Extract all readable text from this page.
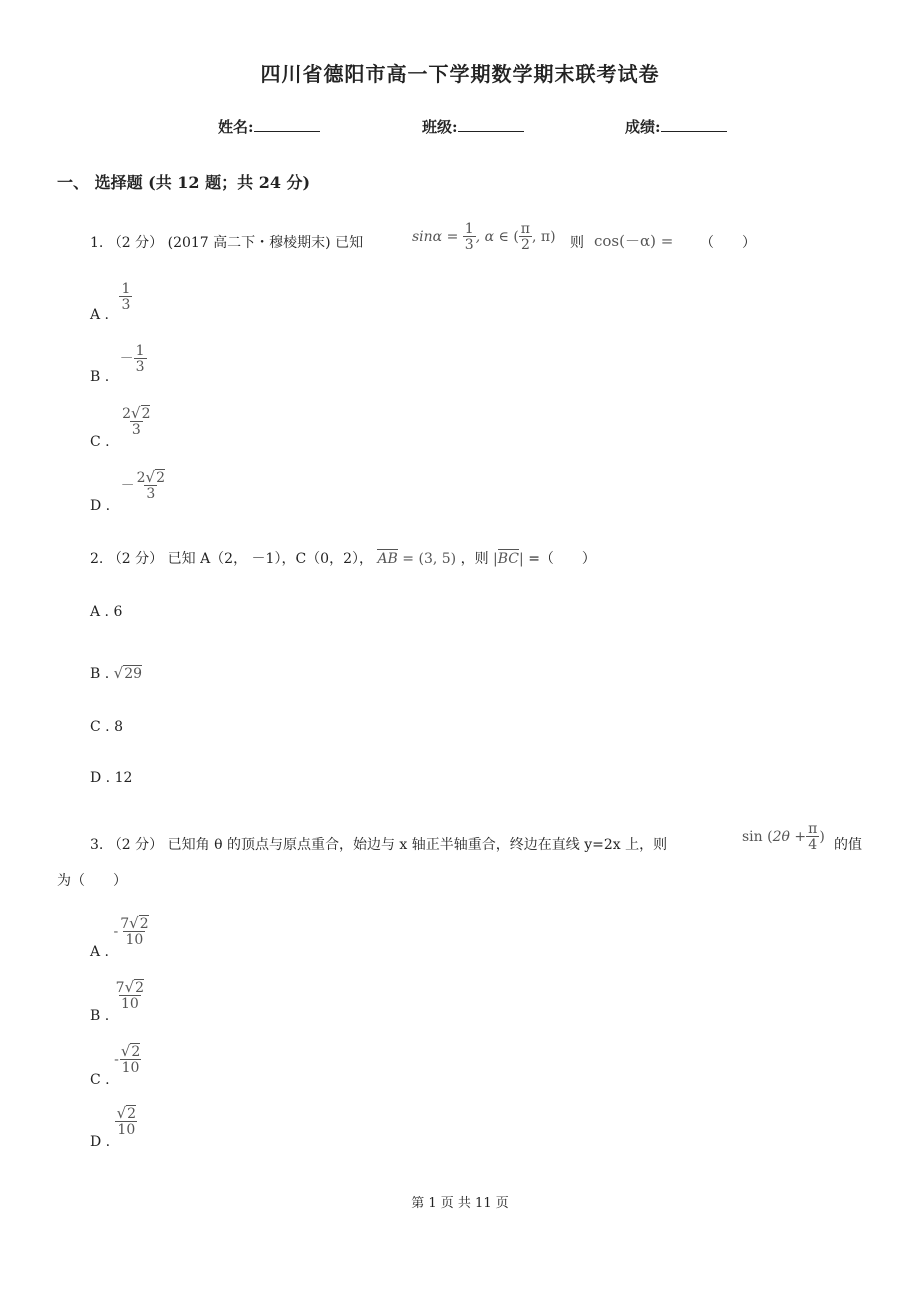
四川省德阳市高一下学期数学期末联考试卷
姓名:	班级:	成绩:
一、 选择题 (共 12 题；共 24 分)
1. （2 分） (2017 高二下・穆棱期末) 已知	$\sin\alpha = \frac{1}{3}$ , α ∈ ( $\frac{\pi}{2}$ , π) 则 cos(－α) = （　　）
A .
$\frac{1}{3}$
B . － $\frac{1}{3}$
C .
$\frac{2√2}{3}$
D . － $\frac{2√2}{3}$
2. （2 分） 已知 A（2， －1），C（0，2）， AB = (3, 5) ，则 |BC| =（　　）
A . 6
B . √29
C . 8
D . 12
3. （2 分） 已知角 θ 的顶点与原点重合，始边与 x 轴正半轴重合，终边在直线 y=2x 上，则	$\sin (2\theta + \frac{\pi}{4}$ ) 的值
为（　　）
A . - $\frac{7√2}{10}$
B .
$\frac{7√2}{10}$
C . - $\frac{√2}{10}$
D .
$\frac{√2}{10}$
第 1 页 共 11 页
